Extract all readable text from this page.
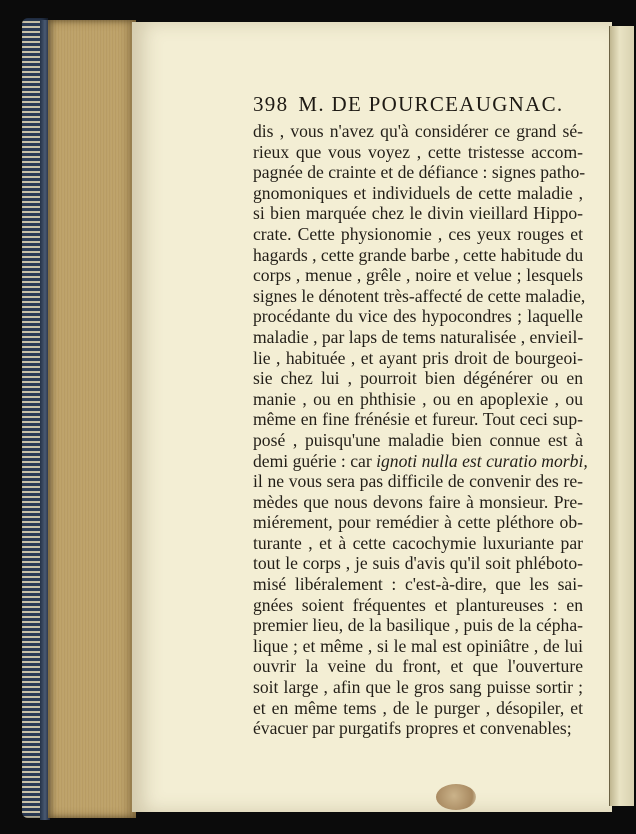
398 M. DE POURCEAUGNAC.
dis , vous n'avez qu'à considérer ce grand sé-
rieux que vous voyez , cette tristesse accom-
pagnée de crainte et de défiance : signes patho-
gnomoniques et individuels de cette maladie ,
si bien marquée chez le divin vieillard Hippo-
crate. Cette physionomie , ces yeux rouges et
hagards , cette grande barbe , cette habitude du
corps , menue , grêle , noire et velue ; lesquels
signes le dénotent très-affecté de cette maladie,
procédante du vice des hypocondres ; laquelle
maladie , par laps de tems naturalisée , envieil-
lie , habituée , et ayant pris droit de bourgeoi-
sie chez lui , pourroit bien dégénérer ou en
manie , ou en phthisie , ou en apoplexie , ou
même en fine frénésie et fureur. Tout ceci sup-
posé , puisqu'une maladie bien connue est à
demi guérie : car ignoti nulla est curatio morbi,
il ne vous sera pas difficile de convenir des re-
mèdes que nous devons faire à monsieur. Pre-
miérement, pour remédier à cette pléthore ob-
turante , et à cette cacochymie luxuriante par
tout le corps , je suis d'avis qu'il soit phlébotо-
misé libéralement : c'est-à-dire, que les sai-
gnées soient fréquentes et plantureuses : en
premier lieu, de la basilique , puis de la cépha-
lique ; et même , si le mal est opiniâtre , de lui
ouvrir la veine du front, et que l'ouverture
soit large , afin que le gros sang puisse sortir ;
et en même tems , de le purger , désopiler, et
évacuer par purgatifs propres et convenables;
